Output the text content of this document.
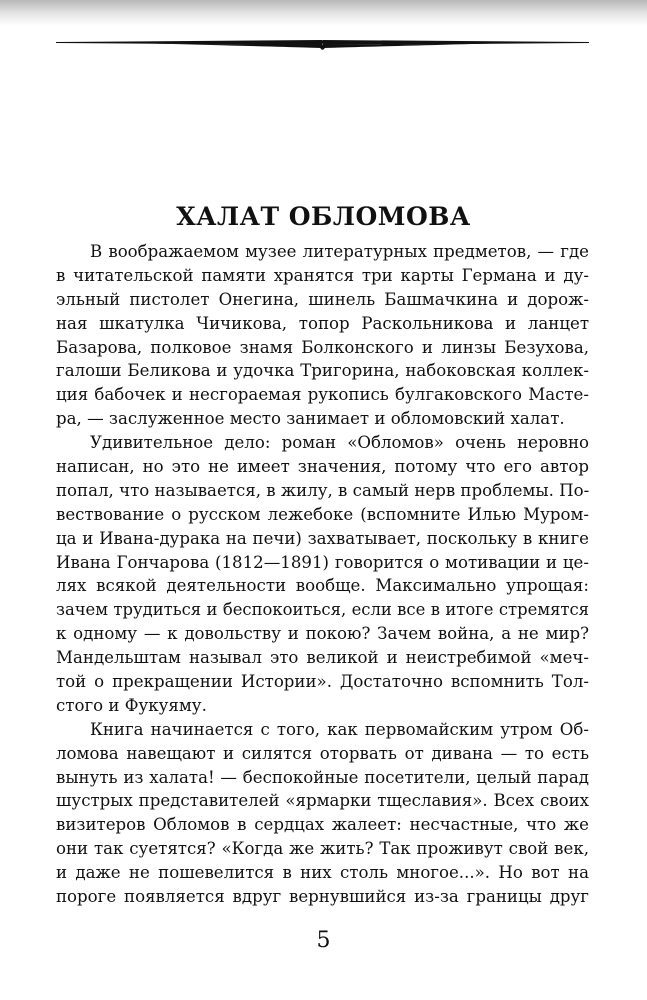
ХАЛАТ ОБЛОМОВА
В воображаемом музее литературных предметов, — где
в читательской памяти хранятся три карты Германа и ду-
эльный пистолет Онегина, шинель Башмачкина и дорож-
ная шкатулка Чичикова, топор Раскольникова и ланцет
Базарова, полковое знамя Болконского и линзы Безухова,
галоши Беликова и удочка Тригорина, набоковская коллек-
ция бабочек и несгораемая рукопись булгаковского Масте-
ра, — заслуженное место занимает и обломовский халат.
Удивительное дело: роман «Обломов» очень неровно
написан, но это не имеет значения, потому что его автор
попал, что называется, в жилу, в самый нерв проблемы. По-
вествование о русском лежебоке (вспомните Илью Муром-
ца и Ивана-дурака на печи) захватывает, поскольку в книге
Ивана Гончарова (1812—1891) говорится о мотивации и це-
лях всякой деятельности вообще. Максимально упрощая:
зачем трудиться и беспокоиться, если все в итоге стремятся
к одному — к довольству и покою? Зачем война, а не мир?
Мандельштам называл это великой и неистребимой «меч-
той о прекращении Истории». Достаточно вспомнить Тол-
стого и Фукуяму.
Книга начинается с того, как первомайским утром Об-
ломова навещают и силятся оторвать от дивана — то есть
вынуть из халата! — беспокойные посетители, целый парад
шустрых представителей «ярмарки тщеславия». Всех своих
визитеров Обломов в сердцах жалеет: несчастные, что же
они так суетятся? «Когда же жить? Так проживут свой век,
и даже не пошевелится в них столь многое...». Но вот на
пороге появляется вдруг вернувшийся из-за границы друг
5
